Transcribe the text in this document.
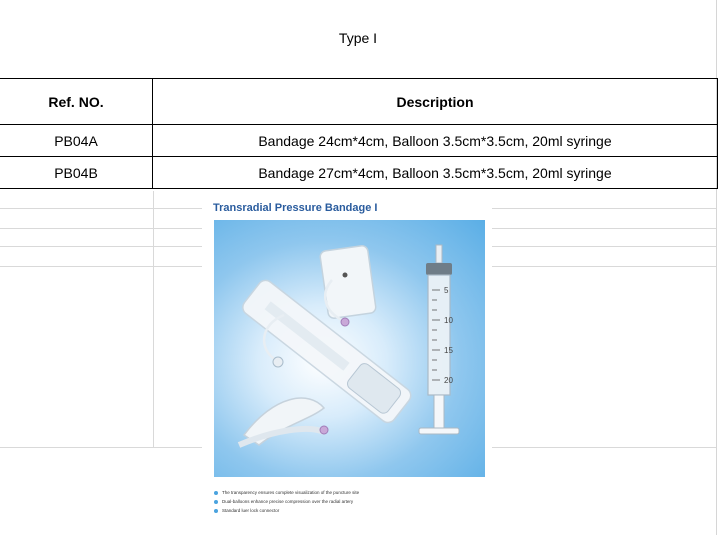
Type I
Ref. NO.	Description
PB04A	Bandage 24cm*4cm, Balloon 3.5cm*3.5cm, 20ml syringe
PB04B	Bandage 27cm*4cm, Balloon 3.5cm*3.5cm, 20ml syringe
Transradial Pressure Bandage I
5
10
15
20
The transparency ensures complete visualization of the puncture site
Dual-balloons enhance precise compression over the radial artery
Standard luer lock connector
